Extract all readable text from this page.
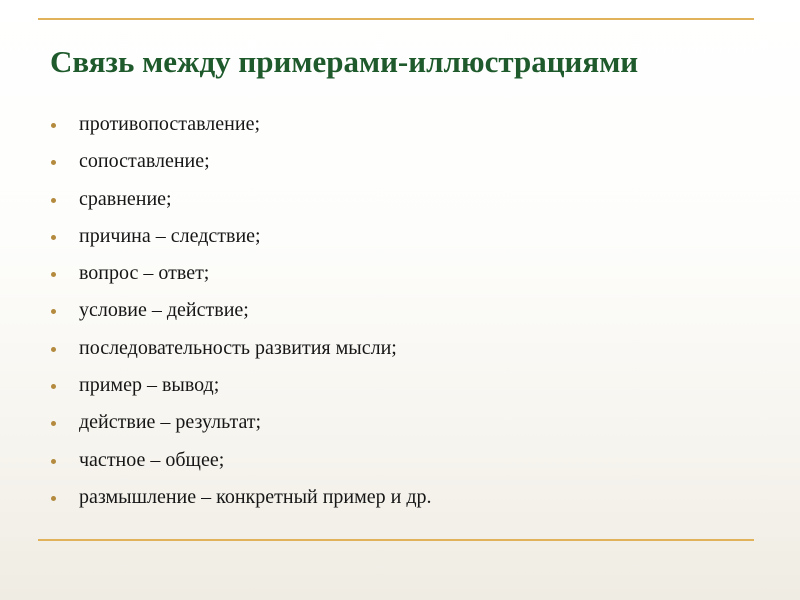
Связь между примерами-иллюстрациями
противопоставление;
сопоставление;
сравнение;
причина – следствие;
вопрос – ответ;
условие – действие;
последовательность развития мысли;
пример – вывод;
действие – результат;
частное – общее;
размышление – конкретный пример и др.
